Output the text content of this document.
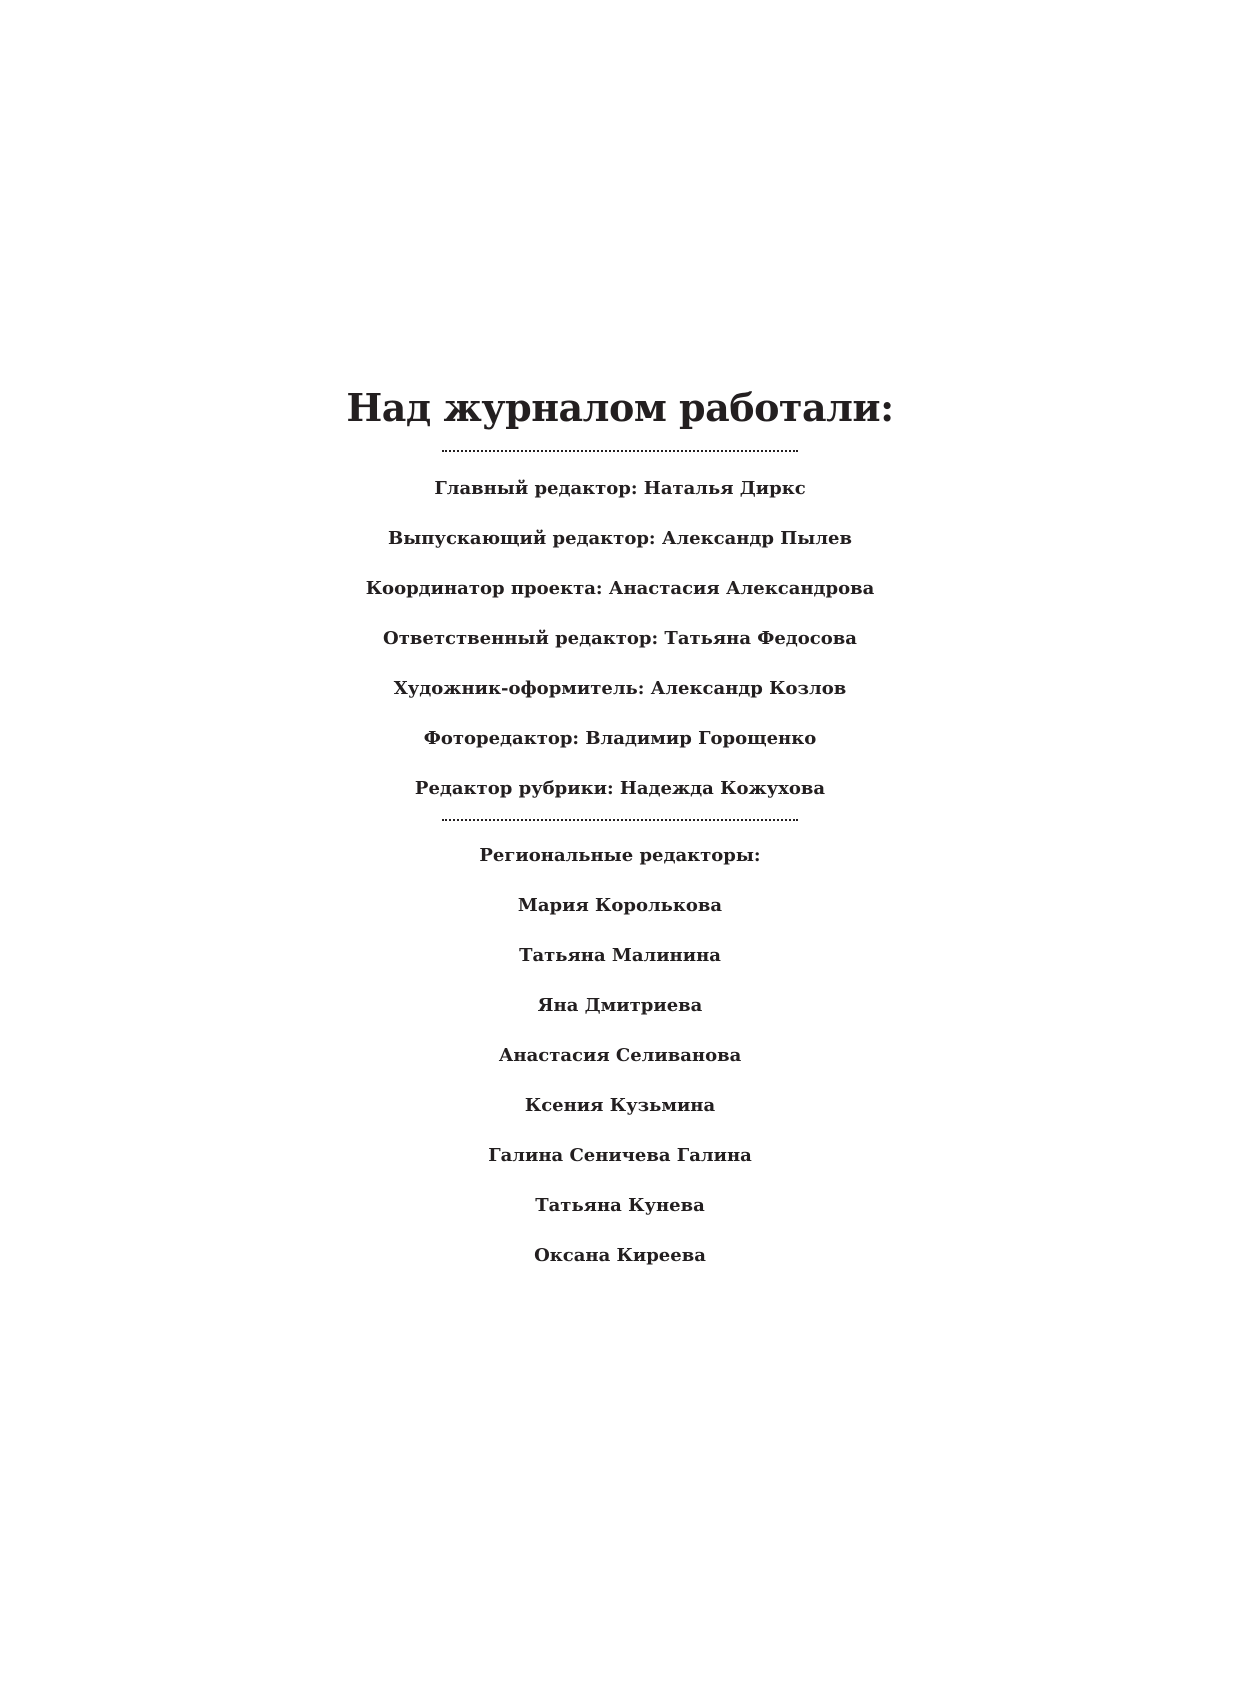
Над журналом работали:

Главный редактор: Наталья Диркс

Выпускающий редактор: Александр Пылев

Координатор проекта: Анастасия Александрова

Ответственный редактор: Татьяна Федосова

Художник-оформитель: Александр Козлов

Фоторедактор: Владимир Горощенко

Редактор рубрики: Надежда Кожухова

Региональные редакторы:

Мария Королькова

Татьяна Малинина

Яна Дмитриева

Анастасия Селиванова

Ксения Кузьмина

Галина Сеничева Галина

Татьяна Кунева

Оксана Киреева
